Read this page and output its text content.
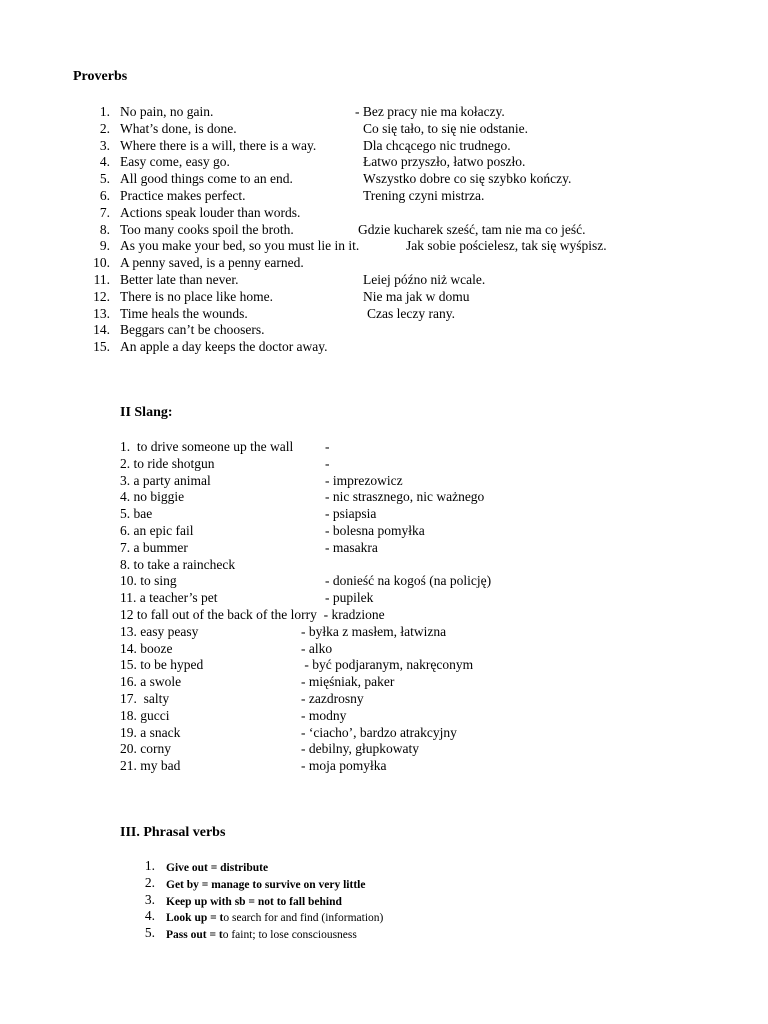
Proverbs
1. No pain, no gain.	- Bez pracy nie ma kołaczy.
2. What’s done, is done.	Co się tało, to się nie odstanie.
3. Where there is a will, there is a way.	Dla chcącego nic trudnego.
4. Easy come, easy go.	Łatwo przyszło, łatwo poszło.
5. All good things come to an end.	Wszystko dobre co się szybko kończy.
6. Practice makes perfect.	Trening czyni mistrza.
7. Actions speak louder than words.
8. Too many cooks spoil the broth.	Gdzie kucharek sześć, tam nie ma co jeść.
9. As you make your bed, so you must lie in it.	Jak sobie pościelesz, tak się wyśpisz.
10. A penny saved, is a penny earned.
11. Better late than never.	Leiej późno niż wcale.
12. There is no place like home.	Nie ma jak w domu
13. Time heals the wounds.	Czas leczy rany.
14. Beggars can’t be choosers.
15. An apple a day keeps the doctor away.
II Slang:
1.  to drive someone up the wall -
2. to ride shotgun	-
3. a party animal	- imprezowicz
4. no biggie	- nic strasznego, nic ważnego
5. bae	- psiapsia
6. an epic fail	- bolesna pomyłka
7. a bummer	- masakra
8. to take a raincheck
10. to sing	- donieść na kogoś (na policję)
11. a teacher’s pet	- pupilek
12 to fall out of the back of the lorry  - kradzione
13. easy peasy	- byłka z masłem, łatwizna
14. booze	- alko
15. to be hyped	- być podjaranym, nakręconym
16. a swole	- mięśniak, paker
17.  salty	- zazdrosny
18. gucci	- modny
19. a snack	- ‘ciacho’, bardzo atrakcyjny
20. corny	- debilny, głupkowaty
21. my bad	- moja pomyłka
III. Phrasal verbs
1. Give out = distribute
2. Get by = manage to survive on very little
3. Keep up with sb = not to fall behind
4. Look up = to search for and find (information)
5. Pass out = to faint; to lose consciousness
